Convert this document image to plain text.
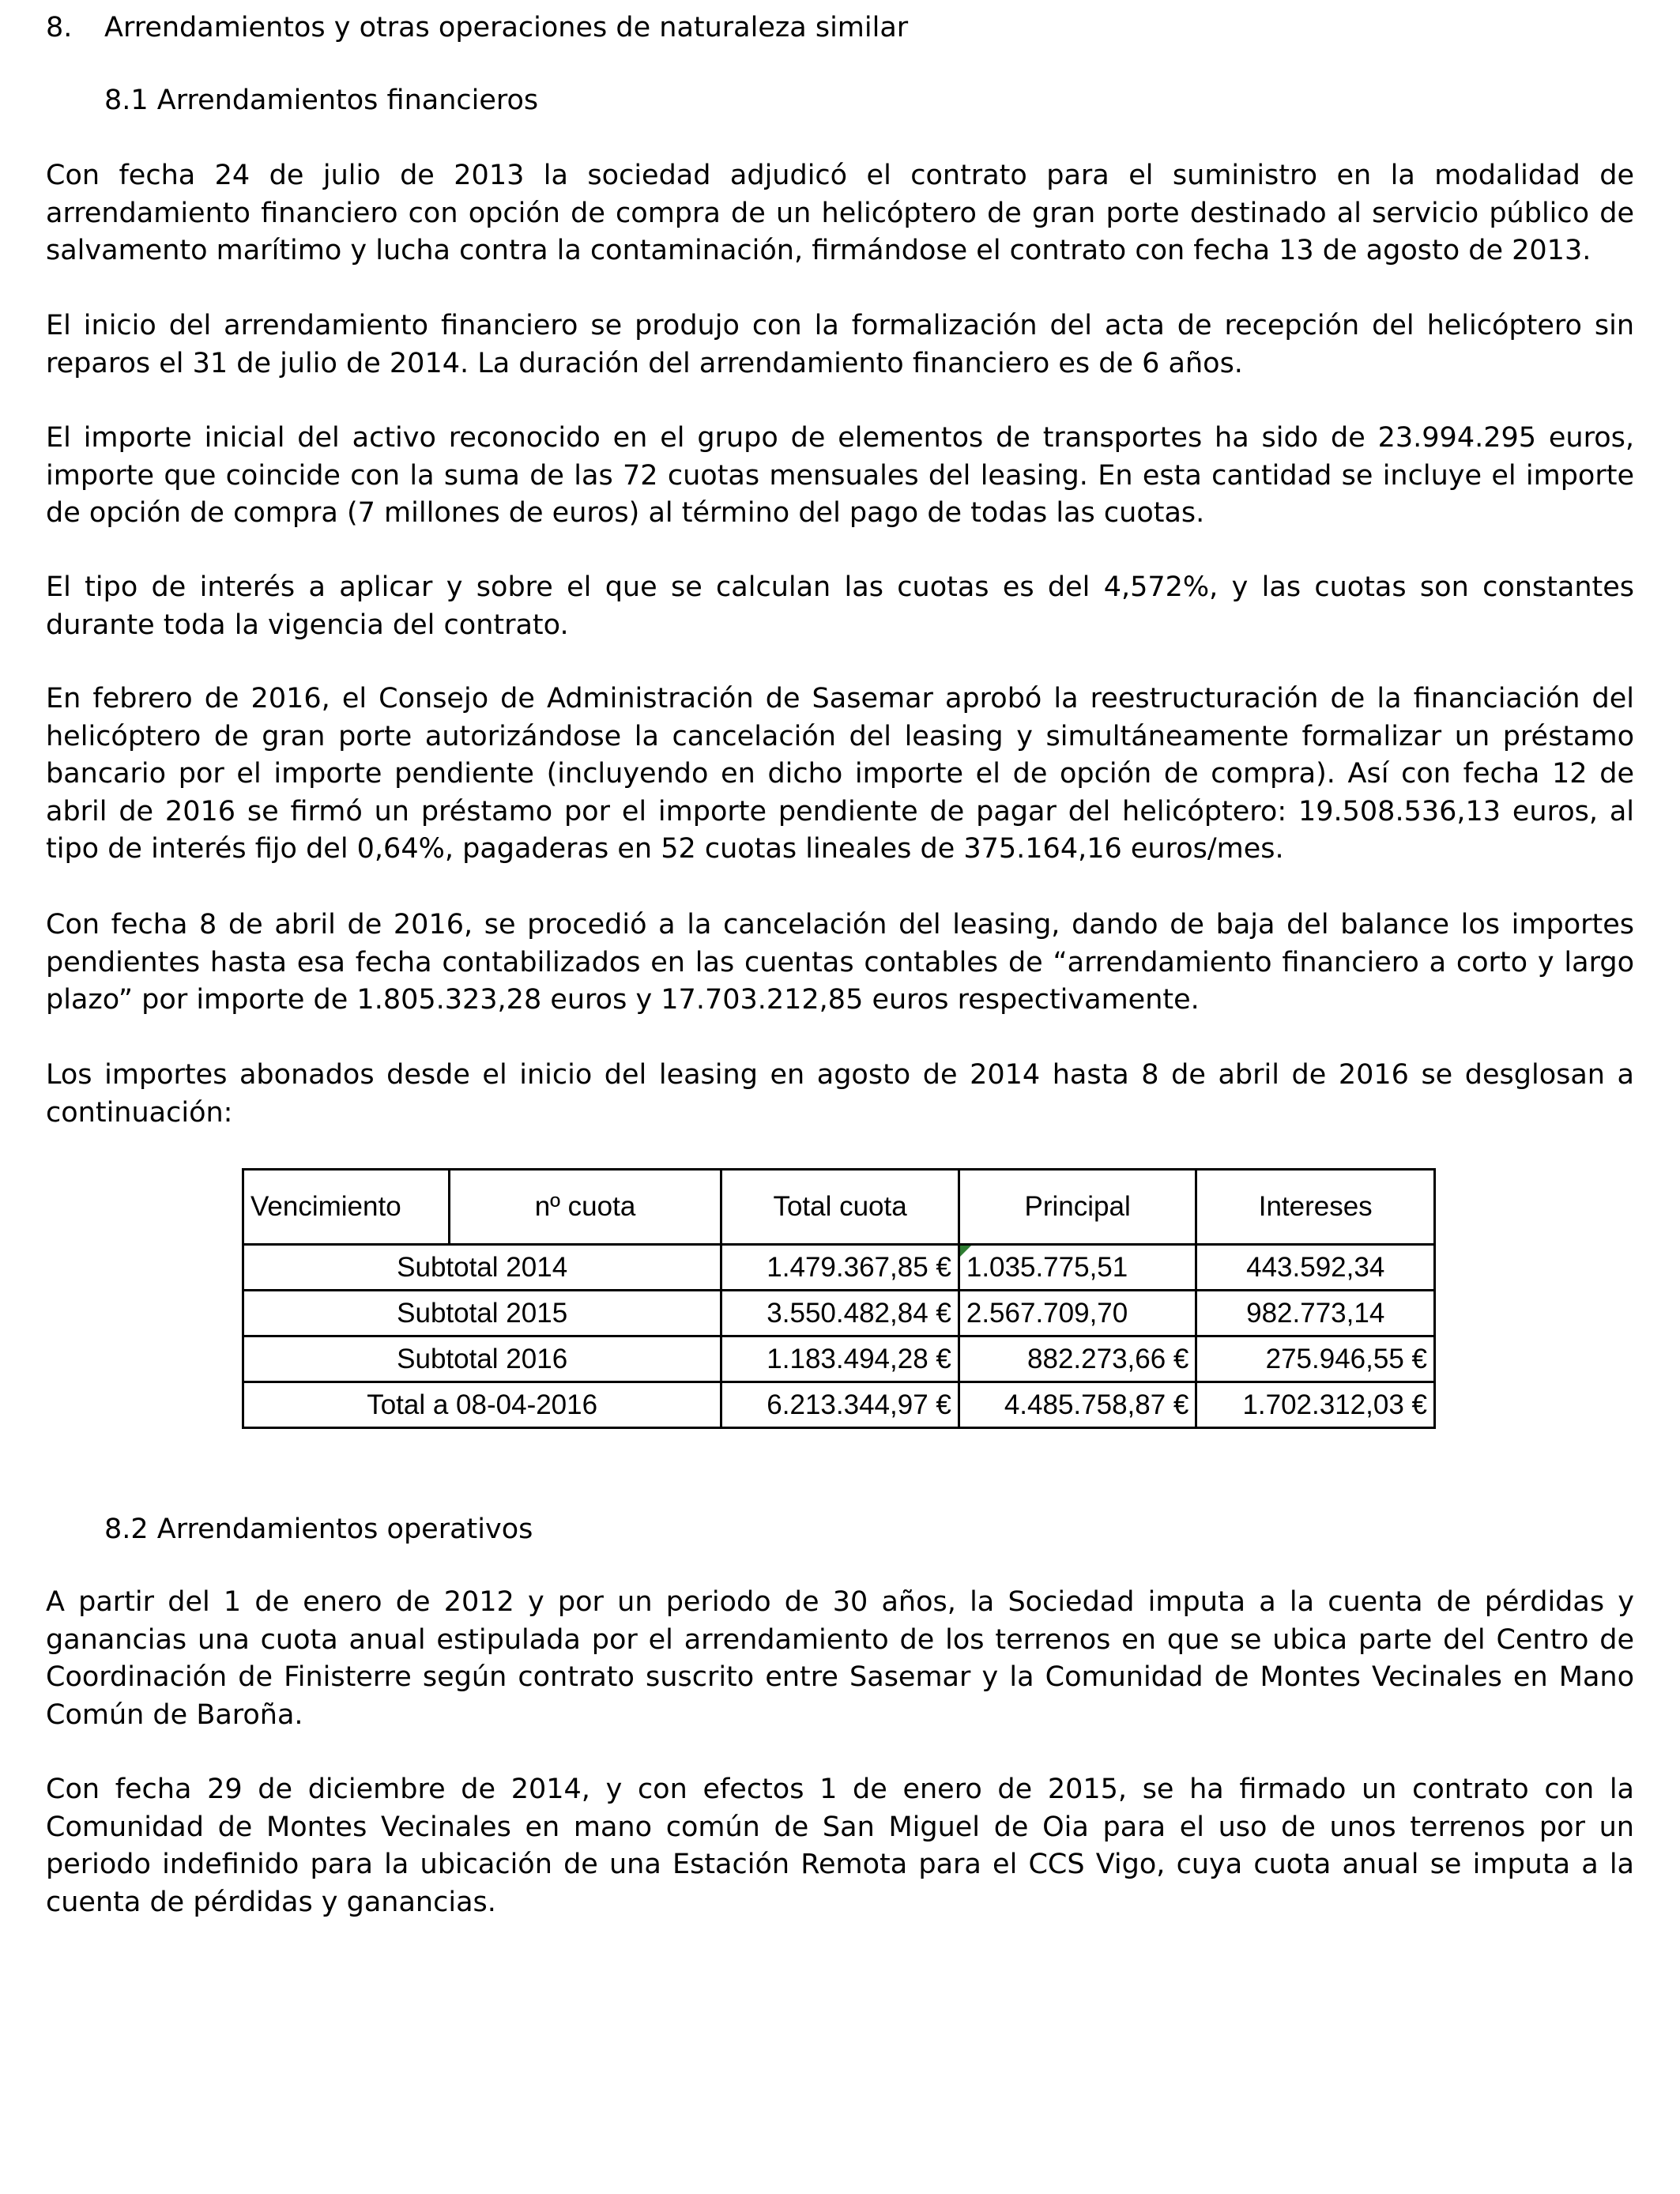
8. Arrendamientos y otras operaciones de naturaleza similar
8.1 Arrendamientos financieros

Con fecha 24 de julio de 2013 la sociedad adjudicó el contrato para el suministro en la modalidad de arrendamiento financiero con opción de compra de un helicóptero de gran porte destinado al servicio público de salvamento marítimo y lucha contra la contaminación, firmándose el contrato con fecha 13 de agosto de 2013.

El inicio del arrendamiento financiero se produjo con la formalización del acta de recepción del helicóptero sin reparos el 31 de julio de 2014. La duración del arrendamiento financiero es de 6 años.

El importe inicial del activo reconocido en el grupo de elementos de transportes ha sido de 23.994.295 euros, importe que coincide con la suma de las 72 cuotas mensuales del leasing. En esta cantidad se incluye el importe de opción de compra (7 millones de euros) al término del pago de todas las cuotas.

El tipo de interés a aplicar y sobre el que se calculan las cuotas es del 4,572%, y las cuotas son constantes durante toda la vigencia del contrato.

En febrero de 2016, el Consejo de Administración de Sasemar aprobó la reestructuración de la financiación del helicóptero de gran porte autorizándose la cancelación del leasing y simultáneamente formalizar un préstamo bancario por el importe pendiente (incluyendo en dicho importe el de opción de compra). Así con fecha 12 de abril de 2016 se firmó un préstamo por el importe pendiente de pagar del helicóptero: 19.508.536,13 euros, al tipo de interés fijo del 0,64%, pagaderas en 52 cuotas lineales de 375.164,16 euros/mes.

Con fecha 8 de abril de 2016, se procedió a la cancelación del leasing, dando de baja del balance los importes pendientes hasta esa fecha contabilizados en las cuentas contables de “arrendamiento financiero a corto y largo plazo” por importe de 1.805.323,28 euros y 17.703.212,85 euros respectivamente.

Los importes abonados desde el inicio del leasing en agosto de 2014 hasta 8 de abril de 2016 se desglosan a continuación:

8.2 Arrendamientos operativos

A partir del 1 de enero de 2012 y por un periodo de 30 años, la Sociedad imputa a la cuenta de pérdidas y ganancias una cuota anual estipulada por el arrendamiento de los terrenos en que se ubica parte del Centro de Coordinación de Finisterre según contrato suscrito entre Sasemar y la Comunidad de Montes Vecinales en Mano Común de Baroña.

Con fecha 29 de diciembre de 2014, y con efectos 1 de enero de 2015, se ha firmado un contrato con la Comunidad de Montes Vecinales en mano común de San Miguel de Oia para el uso de unos terrenos por un periodo indefinido para la ubicación de una Estación Remota para el CCS Vigo, cuya cuota anual se imputa a la cuenta de pérdidas y ganancias.

Vencimiento	nº cuota	Total cuota	Principal	Intereses
Subtotal 2014		1.479.367,85 €	1.035.775,51	443.592,34
Subtotal 2015		3.550.482,84 €	2.567.709,70	982.773,14
Subtotal 2016		1.183.494,28 €	882.273,66 €	275.946,55 €
Total a 08-04-2016		6.213.344,97 €	4.485.758,87 €	1.702.312,03 €
